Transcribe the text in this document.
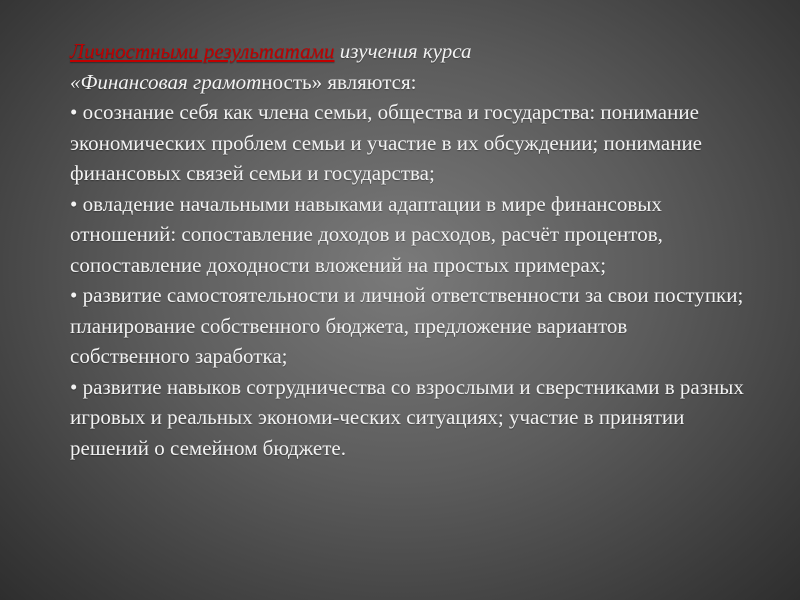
Личностными результатами изучения курса
«Финансовая грамотность» являются:

• осознание себя как члена семьи, общества и государства: понимание экономических проблем семьи и участие в их обсуждении; понимание финансовых связей семьи и государства;

• овладение начальными навыками адаптации в мире финансовых отношений: сопоставление доходов и расходов, расчёт процентов, сопоставление доходности вложений на простых примерах;

• развитие самостоятельности и личной ответственности за свои поступки; планирование собственного бюджета, предложение вариантов собственного заработка;

• развитие навыков сотрудничества со взрослыми и сверстниками в разных игровых и реальных экономи-ческих ситуациях; участие в принятии решений о семейном бюджете.
